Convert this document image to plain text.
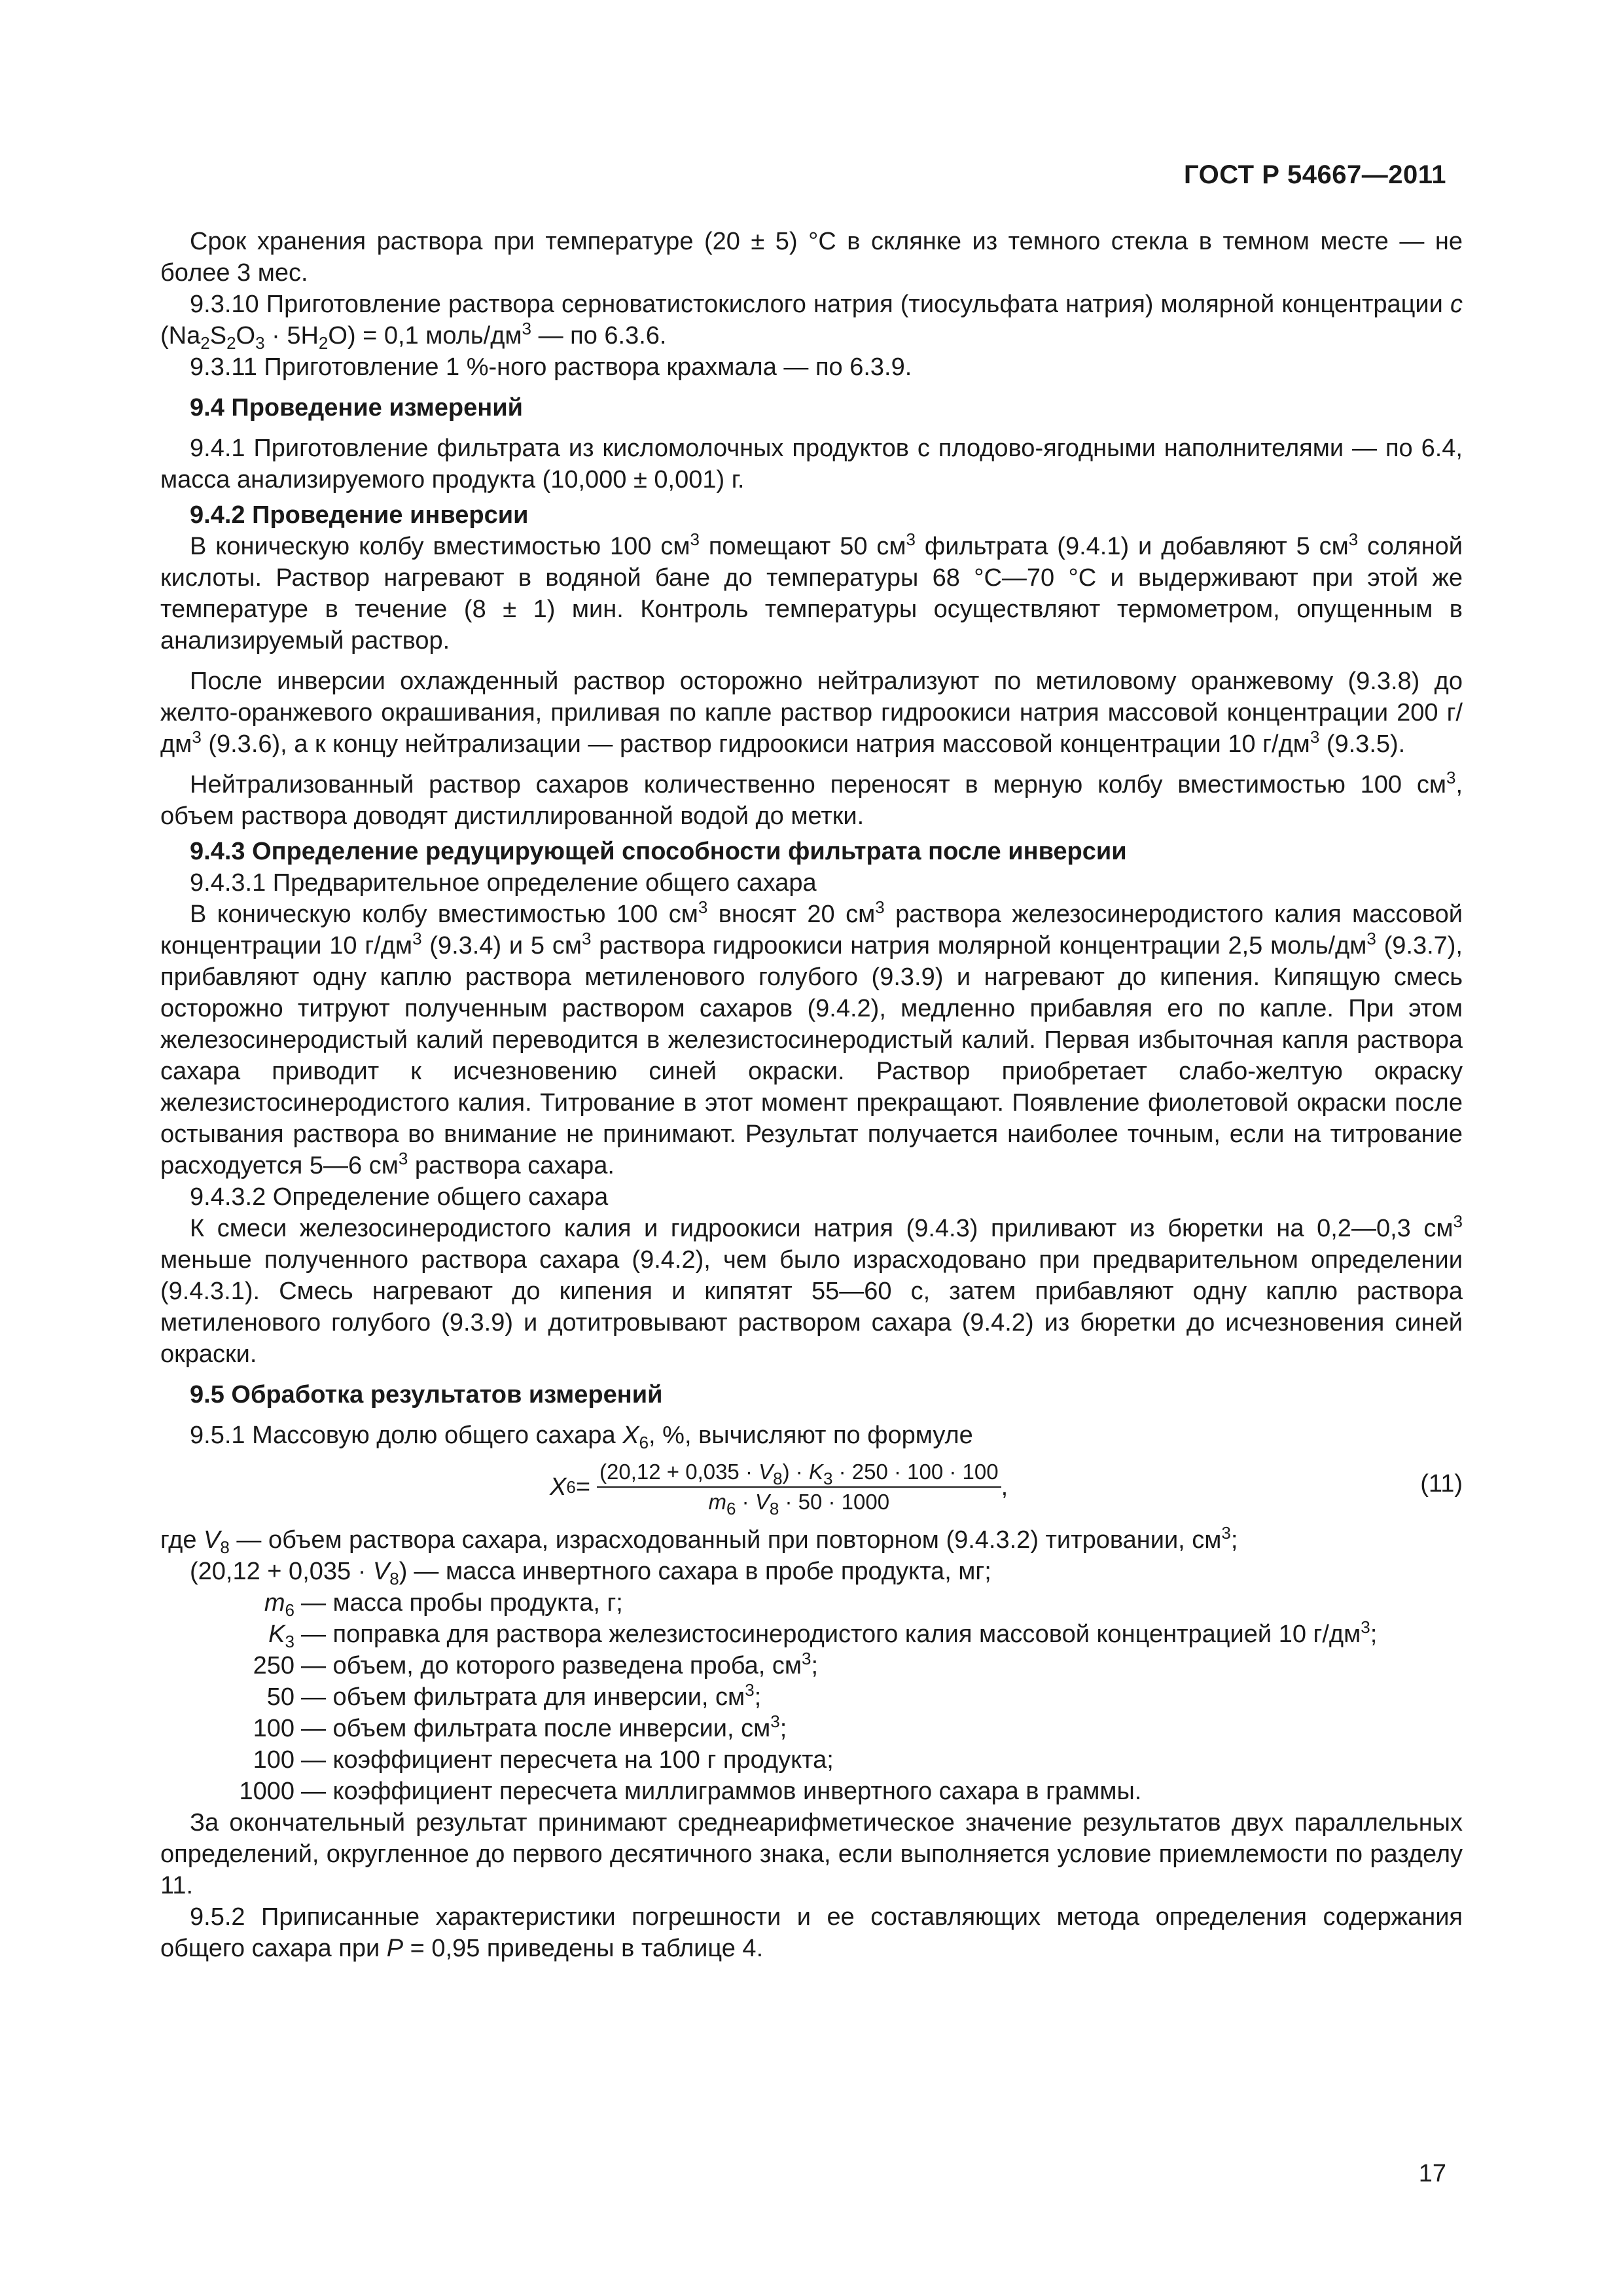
ГОСТ Р 54667—2011

Срок хранения раствора при температуре (20 ± 5) °С в склянке из темного стекла в темном месте — не более 3 мес.

9.3.10 Приготовление раствора серноватистокислого натрия (тиосульфата натрия) молярной концентрации с $(Na_2S_2O_3 \cdot 5H_2O) = 0,1$ моль/$дм^3$ — по 6.3.6.

9.3.11 Приготовление 1 %-ного раствора крахмала — по 6.3.9.

9.4 Проведение измерений

9.4.1 Приготовление фильтрата из кисломолочных продуктов с плодово-ягодными наполнителями — по 6.4, масса анализируемого продукта (10,000 ± 0,001) г.

9.4.2 Проведение инверсии

В коническую колбу вместимостью 100 $см^3$ помещают 50 $см^3$ фильтрата (9.4.1) и добавляют 5 $см^3$ соляной кислоты. Раствор нагревают в водяной бане до температуры 68 °С—70 °С и выдерживают при этой же температуре в течение (8 ± 1) мин. Контроль температуры осуществляют термометром, опущенным в анализируемый раствор.

После инверсии охлажденный раствор осторожно нейтрализуют по метиловому оранжевому (9.3.8) до желто-оранжевого окрашивания, приливая по капле раствор гидроокиси натрия массовой концентрации 200 $г/дм^3$ (9.3.6), а к концу нейтрализации — раствор гидроокиси натрия массовой концентрации 10 $г/дм^3$ (9.3.5).

Нейтрализованный раствор сахаров количественно переносят в мерную колбу вместимостью 100 $см^3$, объем раствора доводят дистиллированной водой до метки.

9.4.3 Определение редуцирующей способности фильтрата после инверсии

9.4.3.1 Предварительное определение общего сахара

В коническую колбу вместимостью 100 $см^3$ вносят 20 $см^3$ раствора железосинеродистого калия массовой концентрации 10 $г/дм^3$ (9.3.4) и 5 $см^3$ раствора гидроокиси натрия молярной концентрации 2,5 моль/$дм^3$ (9.3.7), прибавляют одну каплю раствора метиленового голубого (9.3.9) и нагревают до кипения. Кипящую смесь осторожно титруют полученным раствором сахаров (9.4.2), медленно прибавляя его по капле. При этом железосинеродистый калий переводится в железистосинеродистый калий. Первая избыточная капля раствора сахара приводит к исчезновению синей окраски. Раствор приобретает слабо-желтую окраску железистосинеродистого калия. Титрование в этот момент прекращают. Появление фиолетовой окраски после остывания раствора во внимание не принимают. Результат получается наиболее точным, если на титрование расходуется 5—6 $см^3$ раствора сахара.

9.4.3.2 Определение общего сахара

К смеси железосинеродистого калия и гидроокиси натрия (9.4.3) приливают из бюретки на 0,2—0,3 $см^3$ меньше полученного раствора сахара (9.4.2), чем было израсходовано при предварительном определении (9.4.3.1). Смесь нагревают до кипения и кипятят 55—60 с, затем прибавляют одну каплю раствора метиленового голубого (9.3.9) и дотитровывают раствором сахара (9.4.2) из бюретки до исчезновения синей окраски.

9.5 Обработка результатов измерений

9.5.1 Массовую долю общего сахара $X_6$, %, вычисляют по формуле

X $6 = \frac{(20,12 + 0,035 \cdot V_8) \cdot K_3 \cdot 250 \cdot 100 \cdot 100}{m_6 \cdot V_8 \cdot 50 \cdot 1000}$ ,	(11)

где $V_8$ — объем раствора сахара, израсходованный при повторном (9.4.3.2) титровании, $см^3$;

$(20,12 + 0,035 \cdot V_8)$ — масса инвертного сахара в пробе продукта, мг;
$m_6$ — масса пробы продукта, г;
$K_3$ — поправка для раствора железистосинеродистого калия массовой концентрацией 10 $г/дм^3$;
250 — объем, до которого разведена проба, $см^3$;
50 — объем фильтрата для инверсии, $см^3$;
100 — объем фильтрата после инверсии, $см^3$;
100 — коэффициент пересчета на 100 г продукта;
1000 — коэффициент пересчета миллиграммов инвертного сахара в граммы.

За окончательный результат принимают среднеарифметическое значение результатов двух параллельных определений, округленное до первого десятичного знака, если выполняется условие приемлемости по разделу 11.

9.5.2 Приписанные характеристики погрешности и ее составляющих метода определения содержания общего сахара при P = 0,95 приведены в таблице 4.

17
